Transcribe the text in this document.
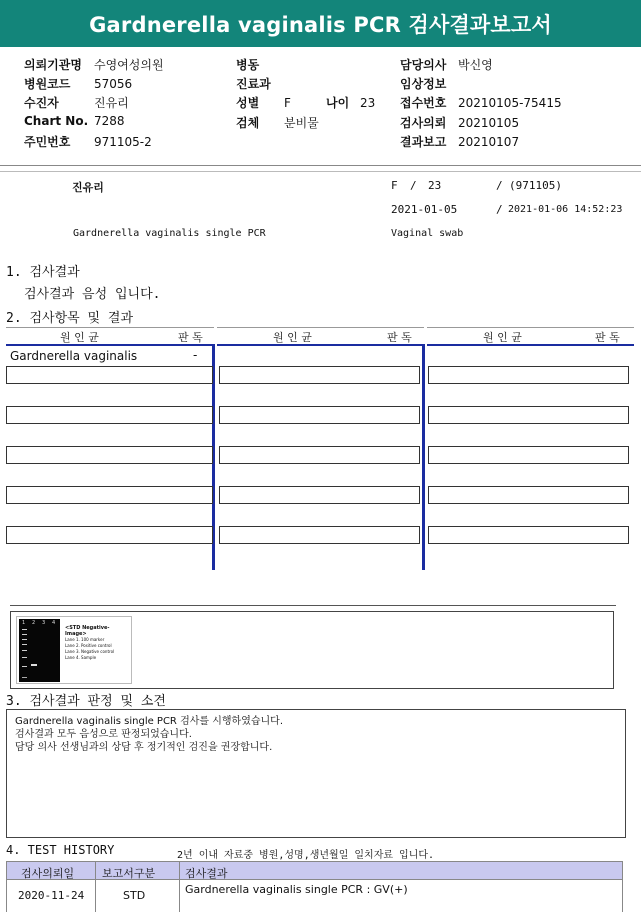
Gardnerella vaginalis PCR 검사결과보고서
의뢰기관명 수영여성의원
병원코드 57056
수진자	진유리
Chart No. 7288
주민번호 971105-2
병동
진료과
성별 F	나이 23
검체 분비물
담당의사 박신영
임상정보
접수번호 20210105-75415
검사의뢰 20210105
결과보고 20210107
진유리	F / 23	/ (971105)
2021-01-05	/ 2021-01-06 14:52:23
Gardnerella vaginalis single PCR	Vaginal swab
1. 검사결과
검사결과 음성 입니다.
2. 검사항목 및 결과
원 인 균	판 독	원 인 균	판 독	원 인 균	판 독
Gardnerella vaginalis	-
1 2 3 4
<STD Negative-Image>
Lane 1. 100 marker
Lane 2. Positive control
Lane 3. Negative control
Lane 4. Sample
3. 검사결과 판정 및 소견
Gardnerella vaginalis single PCR 검사를 시행하였습니다.
검사결과 모두 음성으로 판정되었습니다.
담당 의사 선생님과의 상담 후 정기적인 검진을 권장합니다.
4. TEST HISTORY	2년 이내 자료중 병원,성명,생년월일 일치자료 입니다.
검사의뢰일	보고서구분	검사결과
2020-11-24	STD	Gardnerella vaginalis single PCR : GV(+)
